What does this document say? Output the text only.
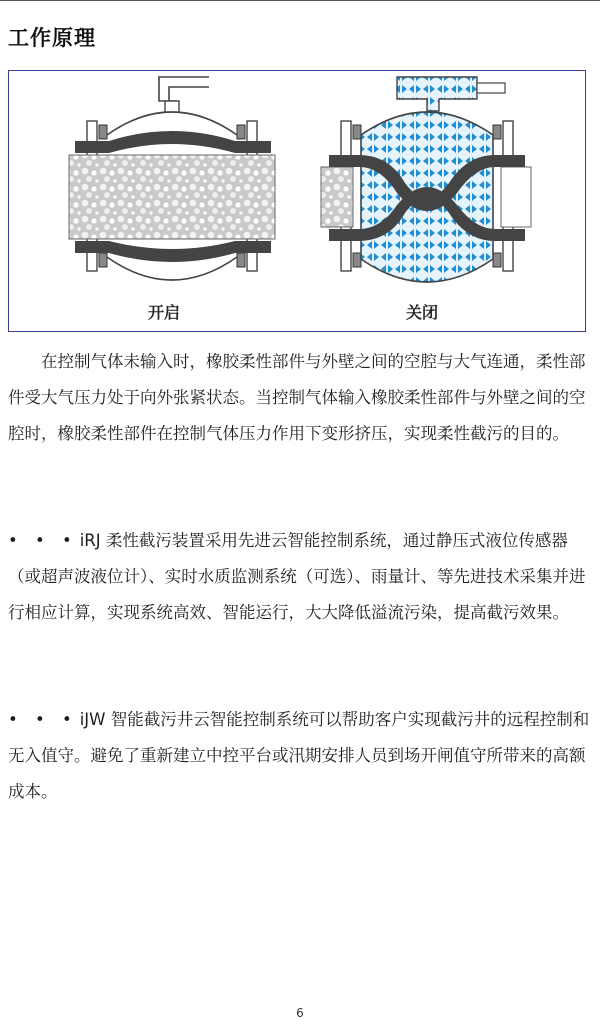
工作原理
开启	关闭

在控制气体未输入时，橡胶柔性部件与外壁之间的空腔与大气连通，柔性部件受大气压力处于向外张紧状态。当控制气体输入橡胶柔性部件与外壁之间的空腔时，橡胶柔性部件在控制气体压力作用下变形挤压，实现柔性截污的目的。

• • • iRJ 柔性截污装置采用先进云智能控制系统，通过静压式液位传感器（或超声波液位计）、实时水质监测系统（可选）、雨量计、等先进技术采集并进行相应计算，实现系统高效、智能运行，大大降低溢流污染，提高截污效果。

• • • iJW 智能截污井云智能控制系统可以帮助客户实现截污井的远程控制和无入值守。避免了重新建立中控平台或汛期安排人员到场开闸值守所带来的高额成本。

6
